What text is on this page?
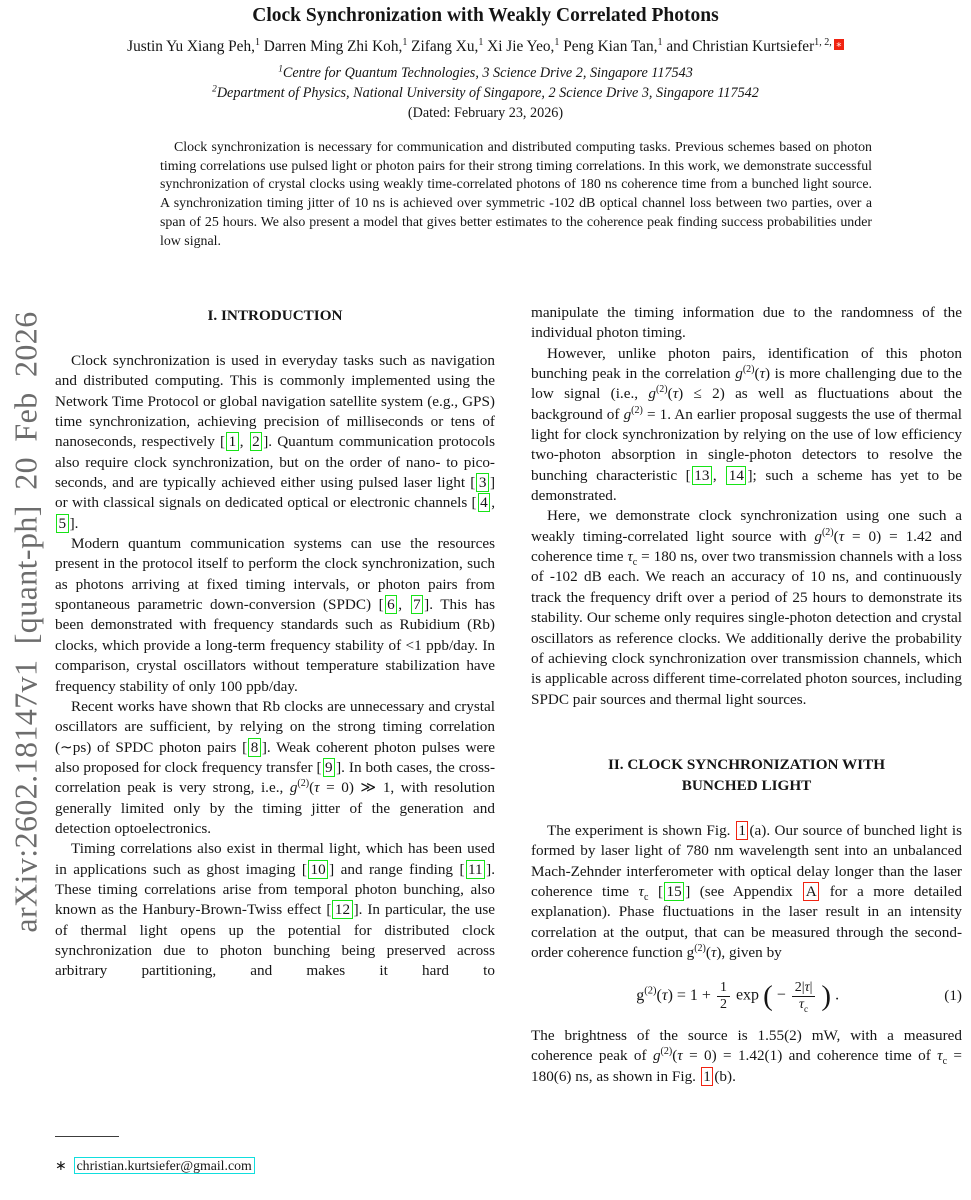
arXiv:2602.18147v1 [quant-ph] 20 Feb 2026
Clock Synchronization with Weakly Correlated Photons
Justin Yu Xiang Peh,$^1$ Darren Ming Zhi Koh,$^1$ Zifang Xu,$^1$ Xi Jie Yeo,$^1$ Peng Kian Tan,$^1$ and Christian Kurtsiefer$^{1, 2,}$ ∗
$^1$Centre for Quantum Technologies, 3 Science Drive 2, Singapore 117543
$^2$Department of Physics, National University of Singapore, 2 Science Drive 3, Singapore 117542
(Dated: February 23, 2026)

Clock synchronization is necessary for communication and distributed computing tasks. Previous schemes based on photon timing correlations use pulsed light or photon pairs for their strong timing correlations. In this work, we demonstrate successful synchronization of crystal clocks using weakly time-correlated photons of 180 ns coherence time from a bunched light source. A synchronization timing jitter of 10 ns is achieved over symmetric -102 dB optical channel loss between two parties, over a span of 25 hours. We also present a model that gives better estimates to the coherence peak finding success probabilities under low signal.

I. INTRODUCTION

Clock synchronization is used in everyday tasks such as navigation and distributed computing. This is commonly implemented using the Network Time Protocol or global navigation satellite system (e.g., GPS) time synchronization, achieving precision of milliseconds or tens of nanoseconds, respectively [ 1 , 2 ]. Quantum communication protocols also require clock synchronization, but on the order of nano- to pico-seconds, and are typically achieved either using pulsed laser light [ 3 ] or with classical signals on dedicated optical or electronic channels [ 4 , 5 ].

Modern quantum communication systems can use the resources present in the protocol itself to perform the clock synchronization, such as photons arriving at fixed timing intervals, or photon pairs from spontaneous parametric down-conversion (SPDC) [ 6 , 7 ]. This has been demonstrated with frequency standards such as Rubidium (Rb) clocks, which provide a long-term frequency stability of <1 ppb/day. In comparison, crystal oscillators without temperature stabilization have frequency stability of only 100 ppb/day.

Recent works have shown that Rb clocks are unnecessary and crystal oscillators are sufficient, by relying on the strong timing correlation (∼ps) of SPDC photon pairs [ 8 ]. Weak coherent photon pulses were also proposed for clock frequency transfer [ 9 ]. In both cases, the cross-correlation peak is very strong, i.e., $g^{(2)}(\tau = 0)$ ≫ 1, with resolution generally limited only by the timing jitter of the generation and detection optoelectronics.

Timing correlations also exist in thermal light, which has been used in applications such as ghost imaging [ 10 ] and range finding [ 11 ]. These timing correlations arise from temporal photon bunching, also known as the Hanbury-Brown-Twiss effect [ 12 ]. In particular, the use of thermal light opens up the potential for distributed clock synchronization due to photon bunching being preserved across arbitrary partitioning, and makes it hard to

manipulate the timing information due to the randomness of the individual photon timing.

However, unlike photon pairs, identification of this photon bunching peak in the correlation $g^{(2)}(\tau)$ is more challenging due to the low signal (i.e., $g^{(2)}(\tau) \le 2$) as well as fluctuations about the background of $g^{(2)} = 1$. An earlier proposal suggests the use of thermal light for clock synchronization by relying on the use of low efficiency two-photon absorption in single-photon detectors to resolve the bunching characteristic [ 13 , 14 ]; such a scheme has yet to be demonstrated.

Here, we demonstrate clock synchronization using one such a weakly timing-correlated light source with $g^{(2)}(\tau = 0) = 1.42$ and coherence time $\tau_c = 180$ ns, over two transmission channels with a loss of -102 dB each. We reach an accuracy of 10 ns, and continuously track the frequency drift over a period of 25 hours to demonstrate its stability. Our scheme only requires single-photon detection and crystal oscillators as reference clocks. We additionally derive the probability of achieving clock synchronization over transmission channels, which is applicable across different time-correlated photon sources, including SPDC pair sources and thermal light sources.

II. CLOCK SYNCHRONIZATION WITH BUNCHED LIGHT

The experiment is shown Fig. 1 (a). Our source of bunched light is formed by laser light of 780 nm wavelength sent into an unbalanced Mach-Zehnder interferometer with optical delay longer than the laser coherence time $\tau_c$ [ 15 ] (see Appendix A for a more detailed explanation). Phase fluctuations in the laser result in an intensity correlation at the output, that can be measured through the second-order coherence function $g^{(2)}(\tau)$, given by

$g^{(2)}(\tau) = 1 + \frac{1}{2}$ exp ( − $\frac{2|\tau|}{\tau_c}$ ) .	(1)

The brightness of the source is 1.55(2) mW, with a measured coherence peak of $g^{(2)}(\tau = 0) = 1.42(1)$ and coherence time of $\tau_c = 180(6)$ ns, as shown in Fig. 1 (b).

∗ christian.kurtsiefer@gmail.com
